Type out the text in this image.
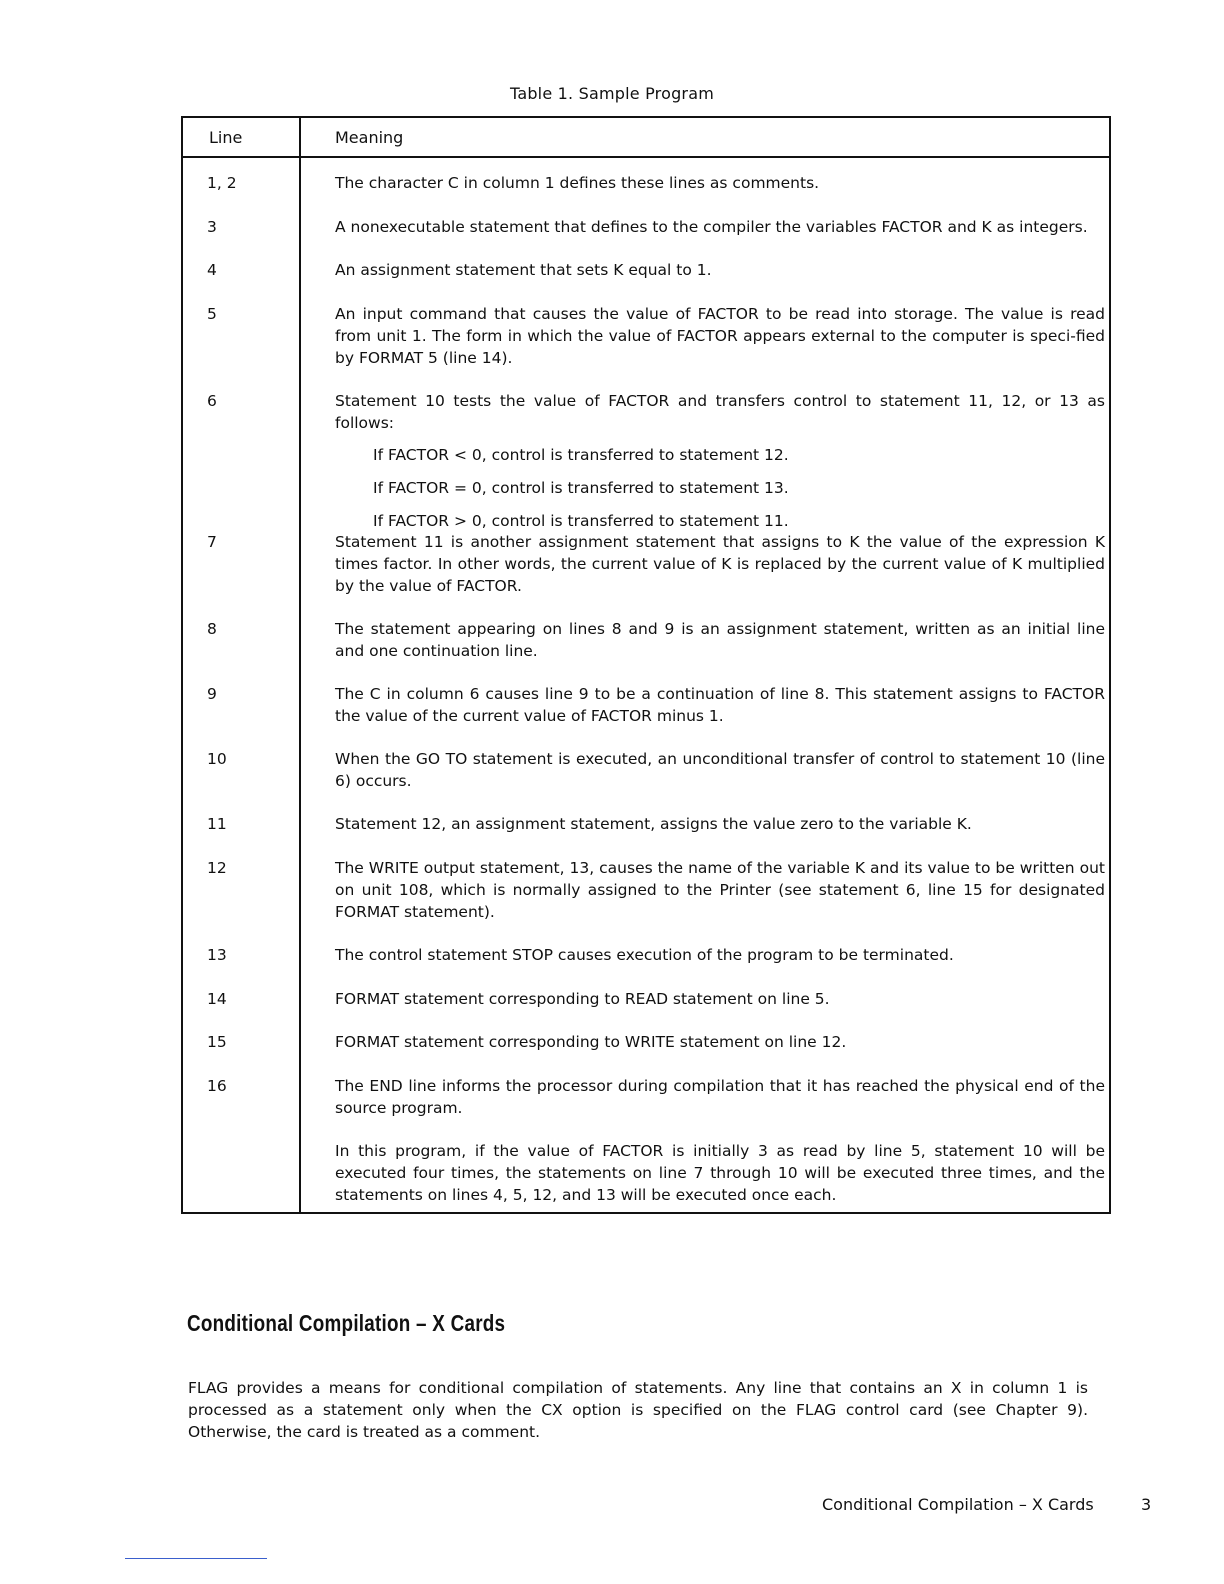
Table 1. Sample Program
Line	Meaning
1, 2	The character C in column 1 defines these lines as comments.
3	A nonexecutable statement that defines to the compiler the variables FACTOR and K as integers.
4	An assignment statement that sets K equal to 1.
5	An input command that causes the value of FACTOR to be read into storage. The value is read from unit 1. The form in which the value of FACTOR appears external to the computer is speci-fied by FORMAT 5 (line 14).
6	Statement 10 tests the value of FACTOR and transfers control to statement 11, 12, or 13 as follows:
If FACTOR < 0, control is transferred to statement 12.
If FACTOR = 0, control is transferred to statement 13.
If FACTOR > 0, control is transferred to statement 11.
7	Statement 11 is another assignment statement that assigns to K the value of the expression K times factor. In other words, the current value of K is replaced by the current value of K multiplied by the value of FACTOR.
8	The statement appearing on lines 8 and 9 is an assignment statement, written as an initial line and one continuation line.
9	The C in column 6 causes line 9 to be a continuation of line 8. This statement assigns to FACTOR the value of the current value of FACTOR minus 1.
10	When the GO TO statement is executed, an unconditional transfer of control to statement 10 (line 6) occurs.
11	Statement 12, an assignment statement, assigns the value zero to the variable K.
12	The WRITE output statement, 13, causes the name of the variable K and its value to be written out on unit 108, which is normally assigned to the Printer (see statement 6, line 15 for designated FORMAT statement).
13	The control statement STOP causes execution of the program to be terminated.
14	FORMAT statement corresponding to READ statement on line 5.
15	FORMAT statement corresponding to WRITE statement on line 12.
16	The END line informs the processor during compilation that it has reached the physical end of the source program.
In this program, if the value of FACTOR is initially 3 as read by line 5, statement 10 will be executed four times, the statements on line 7 through 10 will be executed three times, and the statements on lines 4, 5, 12, and 13 will be executed once each.
Conditional Compilation – X Cards
FLAG provides a means for conditional compilation of statements. Any line that contains an X in column 1 is processed as a statement only when the CX option is specified on the FLAG control card (see Chapter 9). Otherwise, the card is treated as a comment.
Conditional Compilation – X Cards	3
